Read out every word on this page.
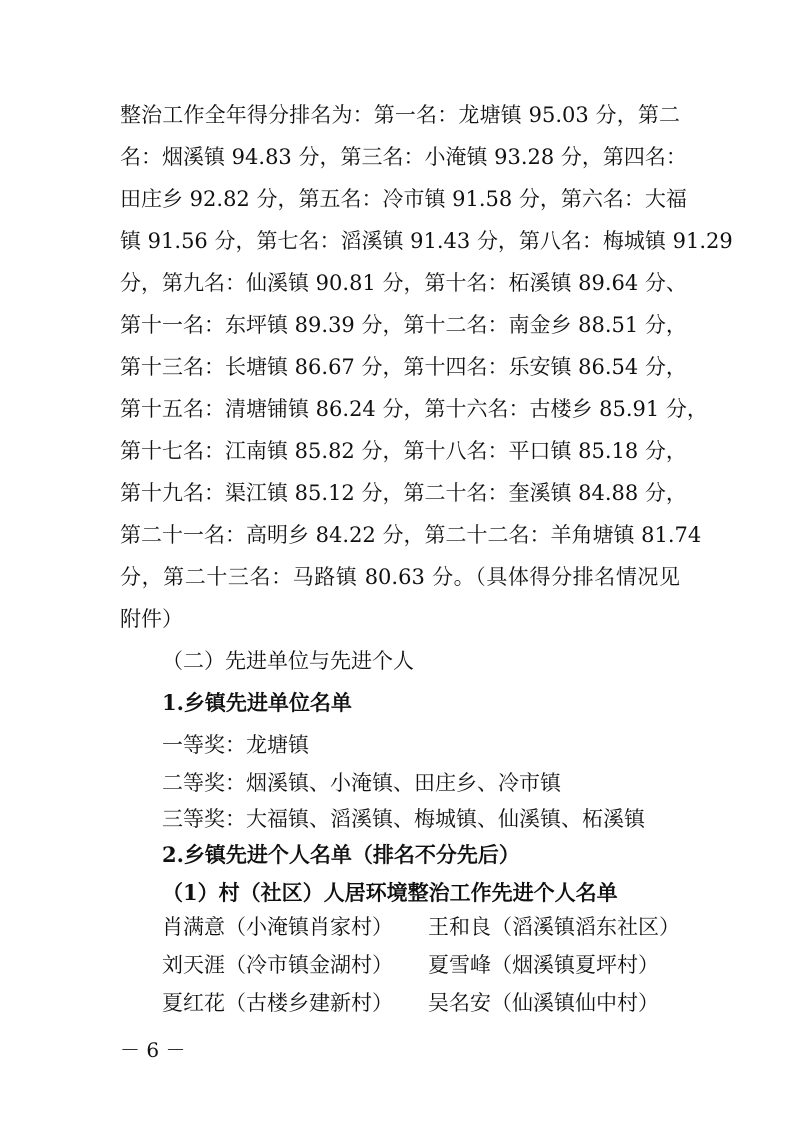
整治工作全年得分排名为：第一名：龙塘镇 95.03 分，第二
名：烟溪镇 94.83 分，第三名：小淹镇 93.28 分，第四名：
田庄乡 92.82 分，第五名：冷市镇 91.58 分，第六名：大福
镇 91.56 分，第七名：滔溪镇 91.43 分，第八名：梅城镇 91.29
分，第九名：仙溪镇 90.81 分，第十名：柘溪镇 89.64 分、
第十一名：东坪镇 89.39 分，第十二名：南金乡 88.51 分，
第十三名：长塘镇 86.67 分，第十四名：乐安镇 86.54 分，
第十五名：清塘铺镇 86.24 分，第十六名：古楼乡 85.91 分，
第十七名：江南镇 85.82 分，第十八名：平口镇 85.18 分，
第十九名：渠江镇 85.12 分，第二十名：奎溪镇 84.88 分，
第二十一名：高明乡 84.22 分，第二十二名：羊角塘镇 81.74
分，第二十三名：马路镇 80.63 分。（具体得分排名情况见
附件）
（二）先进单位与先进个人
1.乡镇先进单位名单
一等奖：龙塘镇
二等奖：烟溪镇、小淹镇、田庄乡、冷市镇
三等奖：大福镇、滔溪镇、梅城镇、仙溪镇、柘溪镇
2.乡镇先进个人名单（排名不分先后）
（1）村（社区）人居环境整治工作先进个人名单
肖满意（小淹镇肖家村） 王和良（滔溪镇滔东社区）
刘天涯（冷市镇金湖村） 夏雪峰（烟溪镇夏坪村）
夏红花（古楼乡建新村） 吴名安（仙溪镇仙中村）
－ 6 －
